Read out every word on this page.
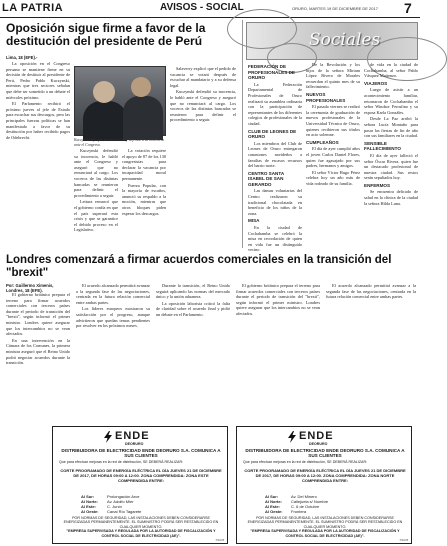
LA PATRIA	AVISOS - SOCIAL	ORURO, MARTES 19 DE DICIEMBRE DE 2017 7
Oposición sigue firme a favor de la destitución del presidente de Perú
Lima, 18 (EFE).-

La oposición en el Congreso peruano se mantiene firme en su decisión de destituir al presidente de Perú, Pedro Pablo Kuczynski, mientras que tres sectores señalan que debe ser sometido a un debate el miércoles próximo.

El Parlamento recibirá el próximo jueves al jefe de Estado para escuchar sus descargos, pero las principales fuerzas políticas se han manifestado a favor de su destitución por haber recibido pagos de Odebrecht.

Kuczynski dijo que no renunciará y defenderá su inocencia ante el Congreso.

Kuczynski defendió su inocencia, le habló ante el Congreso y aseguró que no renunciará al cargo. Los voceros de las distintas bancadas se reunieron para definir el procedimiento a seguir.

Lettura remarcó que el gobierno confía en que el país superará esta crisis y que se garantice el debido proceso en el Legislativo.

La votación requiere el apoyo de 87 de los 130 congresistas para declarar la vacancia por incapacidad moral permanente.

Fuerza Popular, con la mayoría de escaños, anunció su respaldo a la moción, mientras que otros bloques piden esperar los descargos.

Salaverry explicó que el pedido de vacancia se votará después de escuchar al mandatario y a su defensa legal.

Kuczynski defendió su inocencia, le habló ante el Congreso y aseguró que no renunciará al cargo. Los voceros de las distintas bancadas se reunieron para definir el procedimiento a seguir.

Sociales
FEDERACIÓN DE PROFESIONALES DE ORURO

La Federación Departamental de Profesionales de Oruro realizará su asamblea ordinaria con la participación de representantes de los diferentes colegios de profesionales de la ciudad.

CLUB DE LEONES DE ORURO

Los miembros del Club de Leones de Oruro entregaron canastones navideños a familias de escasos recursos del barrio norte.

CENTRO SANTA ISABEL DE SAN GERARDO

Las damas voluntarias del Centro realizaron su tradicional chocolatada en beneficio de los niños de la zona.

MISA

En la ciudad de Cochabamba se celebró la misa en recordación de quien en vida fue un distinguido vecino.

De la Revolución y los hijos de la señora Miriam López Rivero de Morales recuerdan el quinto mes de su fallecimiento.

NUEVOS PROFESIONALES

El pasado viernes se realizó la ceremonia de graduación de nuevos profesionales de la Universidad Técnica de Oruro, quienes recibieron sus títulos en acto solemne.

CUMPLEAÑOS

El día de ayer cumplió años el joven Carlos Daniel Flores, quien fue agasajado por sus padres, hermanos y amigos.

El señor Víctor Hugo Pérez celebra hoy un año más de vida rodeado de su familia.

de vida en la ciudad de Cochabamba, al señor Pablo Vásquez Mattenzo.

VIAJEROS

Luego de asistir a un acontecimiento familiar, retornaron de Cochabamba el señor Windsor Ferrufino y su esposa Karla Gonzáles.

Desde La Paz arribó la señora Lucía Montaño para pasar las fiestas de fin de año con sus familiares en la ciudad.

SENSIBLE FALLECIMIENTO

El día de ayer falleció el señor Óscar Rivera, quien fue un destacado profesional de nuestra ciudad. Sus restos serán sepultados hoy.

ENFERMOS

Se encuentra delicado de salud en la clínica de la ciudad la señora Hilda Luna.

Londres comenzará a firmar acuerdos comerciales en la transición del "brexit"
Por: Guillermo Ximenis, Londres, 18 (EFE).

El gobierno británico prepara el terreno para firmar acuerdos comerciales con terceros países durante el periodo de transición del "brexit", según informó el primer ministro. Londres quiere asegurar que los intercambios no se vean afectados.

En una intervención en la Cámara de los Comunes, la primera ministra aseguró que el Reino Unido podrá negociar acuerdos durante la transición.

El acuerdo alcanzado permitirá avanzar a la segunda fase de las negociaciones, centrada en la futura relación comercial entre ambas partes.

Los líderes europeos mostraron su satisfacción por el progreso, aunque advirtieron que quedan temas pendientes por resolver en los próximos meses.

Durante la transición, el Reino Unido seguirá aplicando las normas del mercado único y la unión aduanera.

La oposición laborista criticó la falta de claridad sobre el acuerdo final y pidió un debate en el Parlamento.

El gobierno británico prepara el terreno para firmar acuerdos comerciales con terceros países durante el periodo de transición del "brexit", según informó el primer ministro. Londres quiere asegurar que los intercambios no se vean afectados.

El acuerdo alcanzado permitirá avanzar a la segunda fase de las negociaciones, centrada en la futura relación comercial entre ambas partes.

ENDE
DEORURO
DISTRIBUIDORA DE ELECTRICIDAD ENDE DEORURO S.A. COMUNICA A SUS CLIENTES
Que para efectuar mejoras en la red de distribución, SE DEBERÁ REALIZAR:
CORTE PROGRAMADO DE ENERGÍA ELÉCTRICA EL DÍA JUEVES 21 DE DICIEMBRE DE 2017, DE HORAS 09:00 A 12:00. ZONA COMPRENDIDA: ZONA ESTE COMPRENDIDA ENTRE:
Al Sur:	Prolongación Arce
Al Norte:	Av. Adolfo Mier
Al Este:	C. Junín
Al Oeste:	Canal Río Tagarete
POR NORMAS DE SEGURIDAD, LAS INSTALACIONES DEBEN CONSIDERARSE ENERGIZADAS PERMANENTEMENTE. EL SUMINISTRO PODRÁ SER RESTABLECIDO EN CUALQUIER MOMENTO.
"EMPRESA SUPERVISADA Y REGULADA POR LA AUTORIDAD DE FISCALIZACIÓN Y CONTROL SOCIAL DE ELECTRICIDAD (AE)".
7/0-F8
ENDE
DEORURO
DISTRIBUIDORA DE ELECTRICIDAD ENDE DEORURO S.A. COMUNICA A SUS CLIENTES
Que para efectuar mejoras en la red de distribución, SE DEBERÁ REALIZAR:
CORTE PROGRAMADO DE ENERGÍA ELÉCTRICA EL DÍA JUEVES 21 DE DICIEMBRE DE 2017, DE HORAS 09:00 A 12:00. ZONA COMPRENDIDA: ZONA NORTE COMPRENDIDA ENTRE:
Al Sur:	Av. Del Minero
Al Norte:	Callejuela s/ Nombre
Al Este:	C. 6 de Octubre
Al Oeste:	Frontera
POR NORMAS DE SEGURIDAD, LAS INSTALACIONES DEBEN CONSIDERARSE ENERGIZADAS PERMANENTEMENTE. EL SUMINISTRO PODRÁ SER RESTABLECIDO EN CUALQUIER MOMENTO.
"EMPRESA SUPERVISADA Y REGULADA POR LA AUTORIDAD DE FISCALIZACIÓN Y CONTROL SOCIAL DE ELECTRICIDAD (AE)".
7/0-F8
